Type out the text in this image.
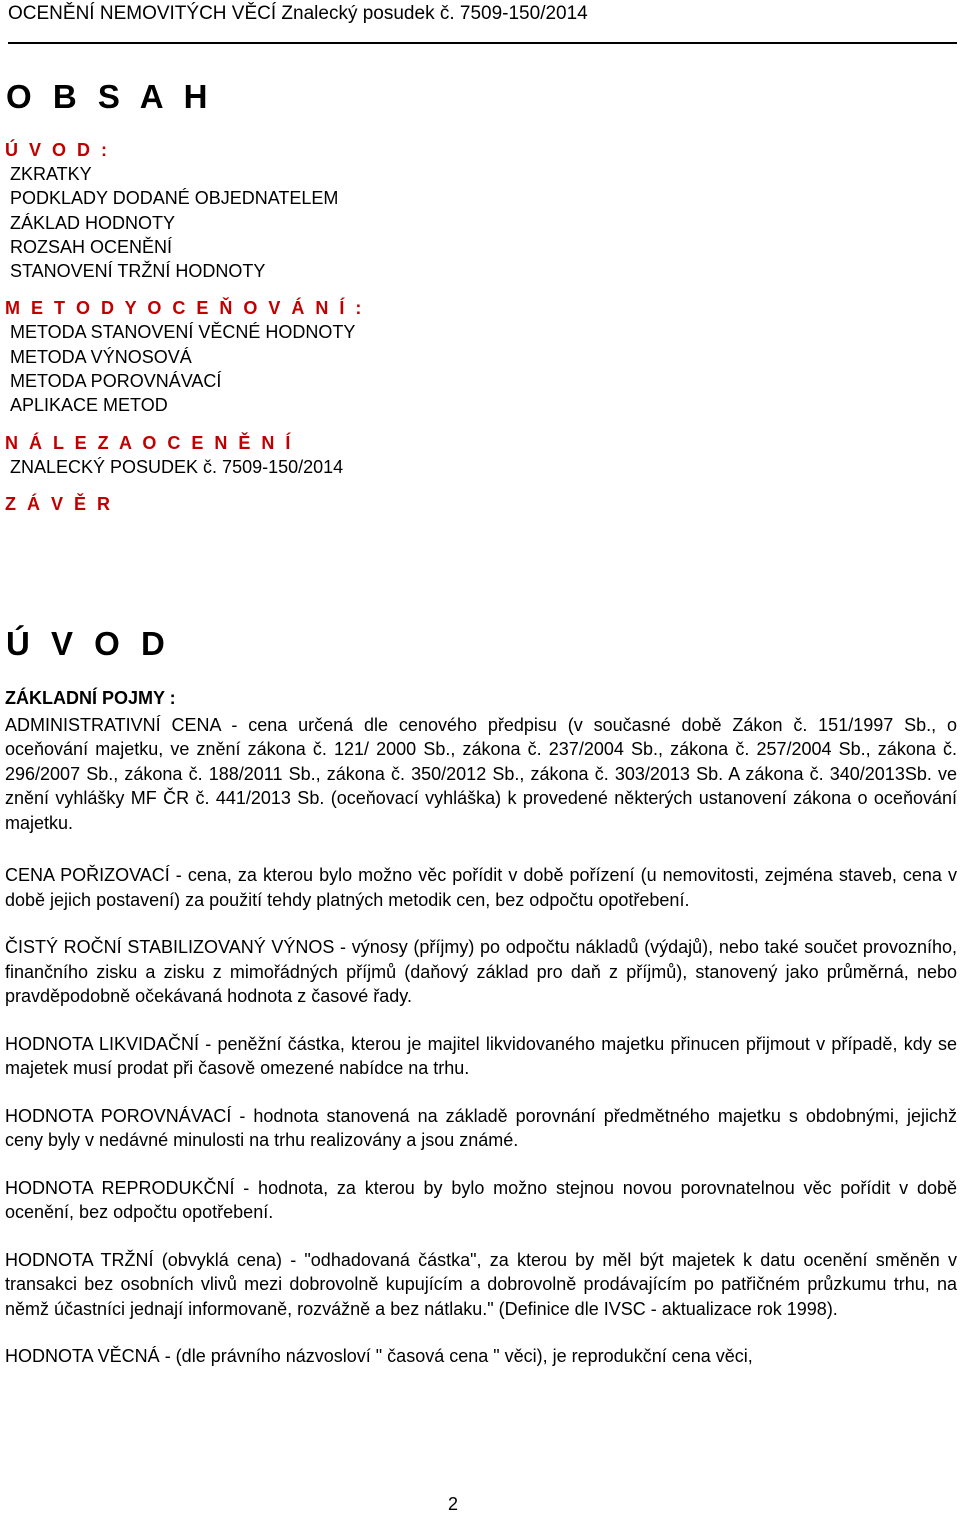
OCENĚNÍ NEMOVITÝCH VĚCÍ Znalecký posudek č. 7509-150/2014
O B S A H
Ú V O D :
ZKRATKY
PODKLADY DODANÉ OBJEDNATELEM
ZÁKLAD HODNOTY
ROZSAH OCENĚNÍ
STANOVENÍ TRŽNÍ HODNOTY
M E T O D Y O C E Ň O V Á N Í :
METODA STANOVENÍ VĚCNÉ HODNOTY
METODA VÝNOSOVÁ
METODA POROVNÁVACÍ
APLIKACE METOD
N Á L E Z A O C E N Ě N Í
ZNALECKÝ POSUDEK č. 7509-150/2014
Z Á V Ě R
Ú V O D

ZÁKLADNÍ POJMY :

ADMINISTRATIVNÍ CENA - cena určená dle cenového předpisu (v současné době Zákon č. 151/1997 Sb., o oceňování majetku, ve znění zákona č. 121/ 2000 Sb., zákona č. 237/2004 Sb., zákona č. 257/2004 Sb., zákona č. 296/2007 Sb., zákona č. 188/2011 Sb., zákona č. 350/2012 Sb., zákona č. 303/2013 Sb. A zákona č. 340/2013Sb. ve znění vyhlášky MF ČR č. 441/2013 Sb. (oceňovací vyhláška) k provedené některých ustanovení zákona o oceňování majetku.

CENA POŘIZOVACÍ - cena, za kterou bylo možno věc pořídit v době pořízení (u nemovitosti, zejména staveb, cena v době jejich postavení) za použití tehdy platných metodik cen, bez odpočtu opotřebení.

ČISTÝ ROČNÍ STABILIZOVANÝ VÝNOS - výnosy (příjmy) po odpočtu nákladů (výdajů), nebo také součet provozního, finančního zisku a zisku z mimořádných příjmů (daňový základ pro daň z příjmů), stanovený jako průměrná, nebo pravděpodobně očekávaná hodnota z časové řady.

HODNOTA LIKVIDAČNÍ - peněžní částka, kterou je majitel likvidovaného majetku přinucen přijmout v případě, kdy se majetek musí prodat při časově omezené nabídce na trhu.

HODNOTA POROVNÁVACÍ - hodnota stanovená na základě porovnání předmětného majetku s obdobnými, jejichž ceny byly v nedávné minulosti na trhu realizovány a jsou známé.

HODNOTA REPRODUKČNÍ - hodnota, za kterou by bylo možno stejnou novou porovnatelnou věc pořídit v době ocenění, bez odpočtu opotřebení.

HODNOTA TRŽNÍ (obvyklá cena) - "odhadovaná částka", za kterou by měl být majetek k datu ocenění směněn v transakci bez osobních vlivů mezi dobrovolně kupujícím a dobrovolně prodávajícím po patřičném průzkumu trhu, na němž účastníci jednají informovaně, rozvážně a bez nátlaku." (Definice dle IVSC - aktualizace rok 1998).

HODNOTA VĚCNÁ - (dle právního názvosloví " časová cena " věci), je reprodukční cena věci,

2
